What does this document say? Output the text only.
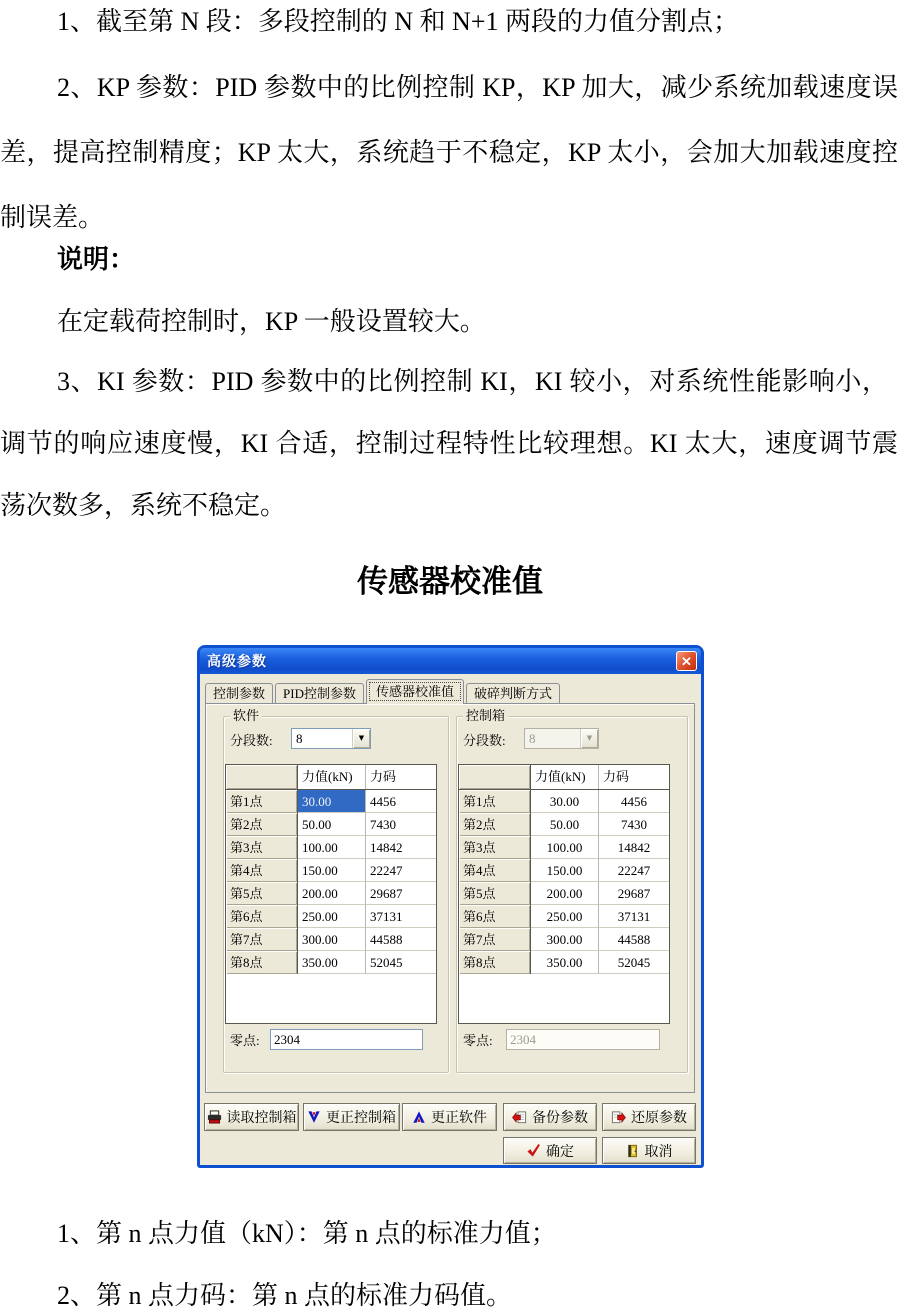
1、截至第 N 段：多段控制的 N 和 N+1 两段的力值分割点；
2、KP 参数：PID 参数中的比例控制 KP，KP 加大，减少系统加载速度误
差，提高控制精度；KP 太大，系统趋于不稳定，KP 太小，会加大加载速度控
制误差。
说明：
在定载荷控制时，KP 一般设置较大。
3、KI 参数：PID 参数中的比例控制 KI，KI 较小，对系统性能影响小，
调节的响应速度慢，KI 合适，控制过程特性比较理想。KI 太大，速度调节震
荡次数多，系统不稳定。
传感器校准值
高级参数	✕
控制参数	PID控制参数	传感器校准值	破碎判断方式
软件
分段数:	8	▼
力值(kN)	力码
第1点	30.00	4456
第2点	50.00	7430
第3点	100.00	14842
第4点	150.00	22247
第5点	200.00	29687
第6点	250.00	37131
第7点	300.00	44588
第8点	350.00	52045
零点:
2304
控制箱
分段数:	8	▼
力值(kN)	力码
第1点	30.00	4456
第2点	50.00	7430
第3点	100.00	14842
第4点	150.00	22247
第5点	200.00	29687
第6点	250.00	37131
第7点	300.00	44588
第8点	350.00	52045
零点:
2304
读取控制箱 更正控制箱	更正软件	备份参数	还原参数
确定	取消
1、第 n 点力值（kN）：第 n 点的标准力值；
2、第 n 点力码：第 n 点的标准力码值。
